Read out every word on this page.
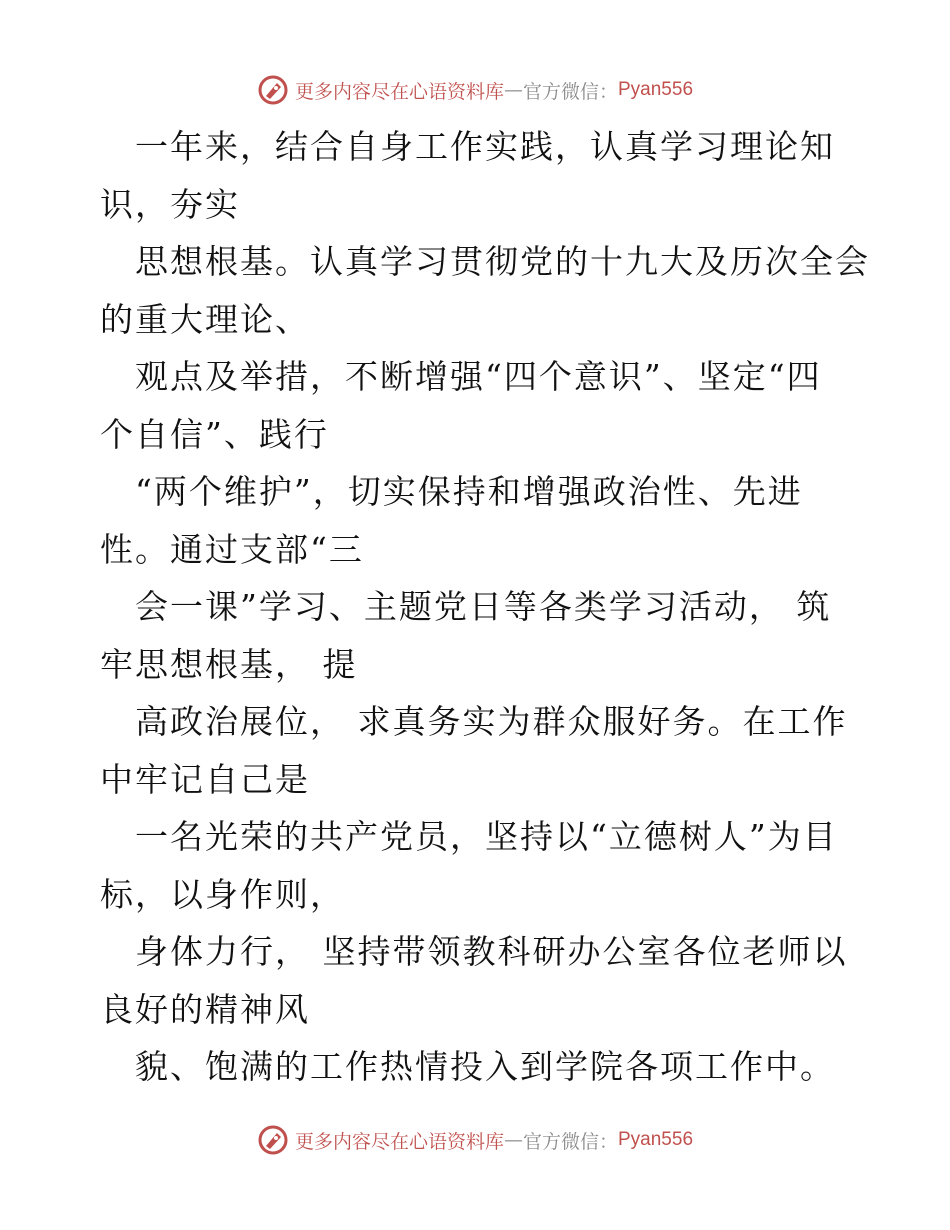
更多内容尽在心语资料库 — 官方微信： Pyan556
一年来，结合自身工作实践，认真学习理论知
识，夯实
思想根基。认真学习贯彻党的十九大及历次全会
的重大理论、
观点及举措，不断增强“四个意识”、坚定“四
个自信”、践行
“两个维护”，切实保持和增强政治性、先进
性。通过支部“三
会一课”学习、主题党日等各类学习活动， 筑
牢思想根基， 提
高政治展位， 求真务实为群众服好务。在工作
中牢记自己是
一名光荣的共产党员，坚持以“立德树人”为目
标，以身作则，
身体力行， 坚持带领教科研办公室各位老师以
良好的精神风
貌、饱满的工作热情投入到学院各项工作中。
更多内容尽在心语资料库 — 官方微信： Pyan556
